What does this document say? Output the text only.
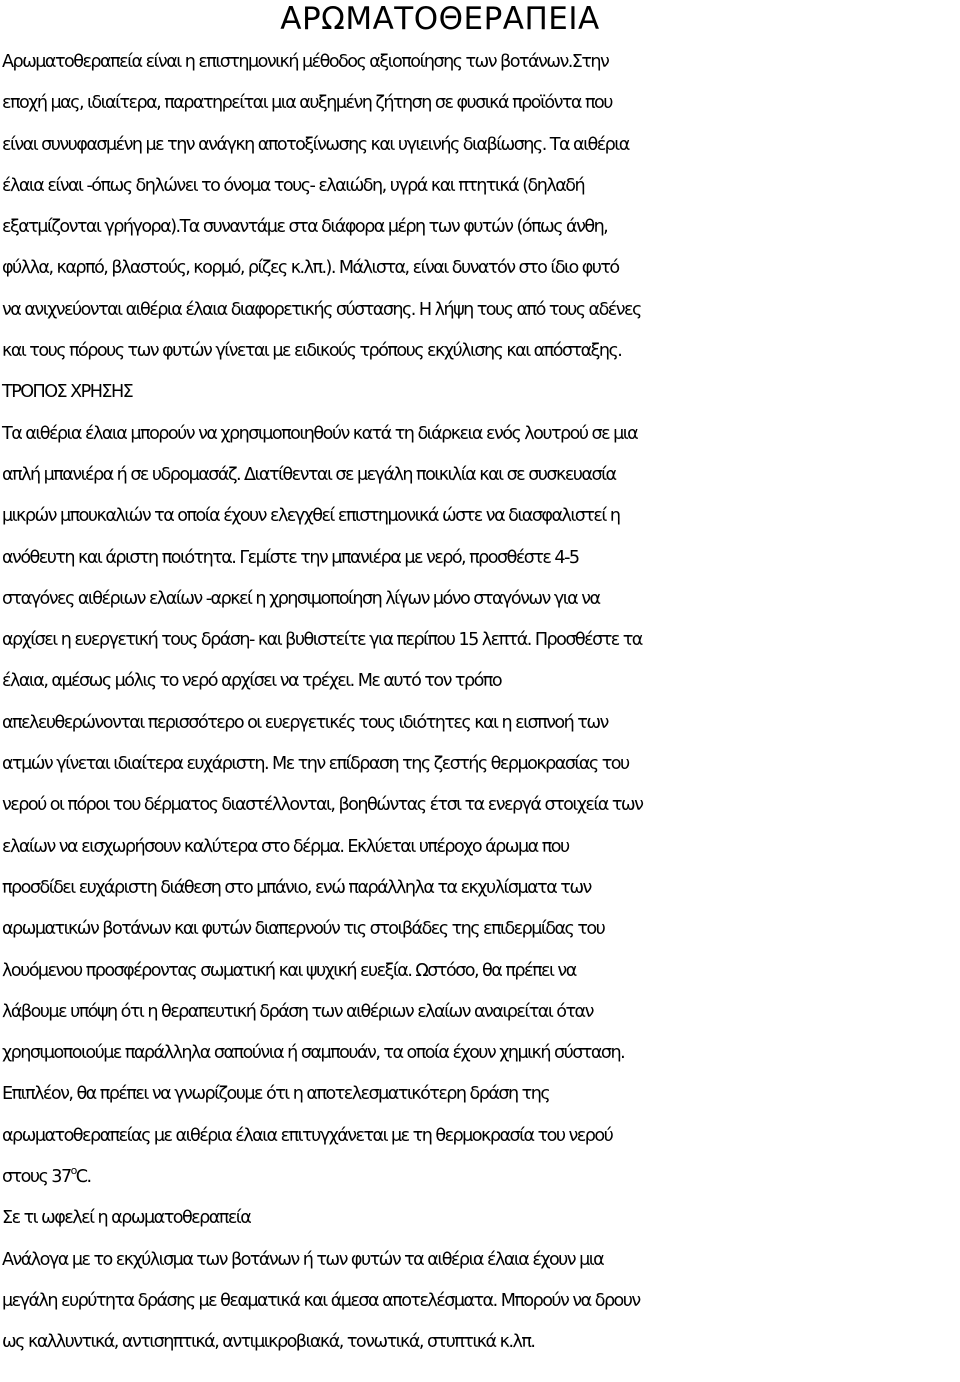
ΑΡΩΜΑΤΟΘΕΡΑΠΕΙΑ
Αρωματοθεραπεία είναι η επιστημονική μέθοδος αξιοποίησης των βοτάνων.Στην
εποχή μας, ιδιαίτερα, παρατηρείται μια αυξημένη ζήτηση σε φυσικά προϊόντα που
είναι συνυφασμένη με την ανάγκη αποτοξίνωσης και υγιεινής διαβίωσης. Τα αιθέρια
έλαια είναι -όπως δηλώνει το όνομα τους- ελαιώδη, υγρά και πτητικά (δηλαδή
εξατμίζονται γρήγορα).Τα συναντάμε στα διάφορα μέρη των φυτών (όπως άνθη,
φύλλα, καρπό, βλαστούς, κορμό, ρίζες κ.λπ.). Μάλιστα, είναι δυνατόν στο ίδιο φυτό
να ανιχνεύονται αιθέρια έλαια διαφορετικής σύστασης. Η λήψη τους από τους αδένες
και τους πόρους των φυτών γίνεται με ειδικούς τρόπους εκχύλισης και απόσταξης.
ΤΡΟΠΟΣ ΧΡΗΣΗΣ
Τα αιθέρια έλαια μπορούν να χρησιμοποιηθούν κατά τη διάρκεια ενός λουτρού σε μια
απλή μπανιέρα ή σε υδρομασάζ. Διατίθενται σε μεγάλη ποικιλία και σε συσκευασία
μικρών μπουκαλιών τα οποία έχουν ελεγχθεί επιστημονικά ώστε να διασφαλιστεί η
ανόθευτη και άριστη ποιότητα. Γεμίστε την μπανιέρα με νερό, προσθέστε 4-5
σταγόνες αιθέριων ελαίων -αρκεί η χρησιμοποίηση λίγων μόνο σταγόνων για να
αρχίσει η ευεργετική τους δράση- και βυθιστείτε για περίπου 15 λεπτά. Προσθέστε τα
έλαια, αμέσως μόλις το νερό αρχίσει να τρέχει. Με αυτό τον τρόπο
απελευθερώνονται περισσότερο οι ευεργετικές τους ιδιότητες και η εισπνοή των
ατμών γίνεται ιδιαίτερα ευχάριστη. Με την επίδραση της ζεστής θερμοκρασίας του
νερού οι πόροι του δέρματος διαστέλλονται, βοηθώντας έτσι τα ενεργά στοιχεία των
ελαίων να εισχωρήσουν καλύτερα στο δέρμα. Εκλύεται υπέροχο άρωμα που
προσδίδει ευχάριστη διάθεση στο μπάνιο, ενώ παράλληλα τα εκχυλίσματα των
αρωματικών βοτάνων και φυτών διαπερνούν τις στοιβάδες της επιδερμίδας του
λουόμενου προσφέροντας σωματική και ψυχική ευεξία. Ωστόσο, θα πρέπει να
λάβουμε υπόψη ότι η θεραπευτική δράση των αιθέριων ελαίων αναιρείται όταν
χρησιμοποιούμε παράλληλα σαπούνια ή σαμπουάν, τα οποία έχουν χημική σύσταση.
Επιπλέον, θα πρέπει να γνωρίζουμε ότι η αποτελεσματικότερη δράση της
αρωματοθεραπείας με αιθέρια έλαια επιτυγχάνεται με τη θερμοκρασία του νερού
στους 37$^o$C.
Σε τι ωφελεί η αρωματοθεραπεία
Ανάλογα με το εκχύλισμα των βοτάνων ή των φυτών τα αιθέρια έλαια έχουν μια
μεγάλη ευρύτητα δράσης με θεαματικά και άμεσα αποτελέσματα. Μπορούν να δρουν
ως καλλυντικά, αντισηπτικά, αντιμικροβιακά, τονωτικά, στυπτικά κ.λπ.
